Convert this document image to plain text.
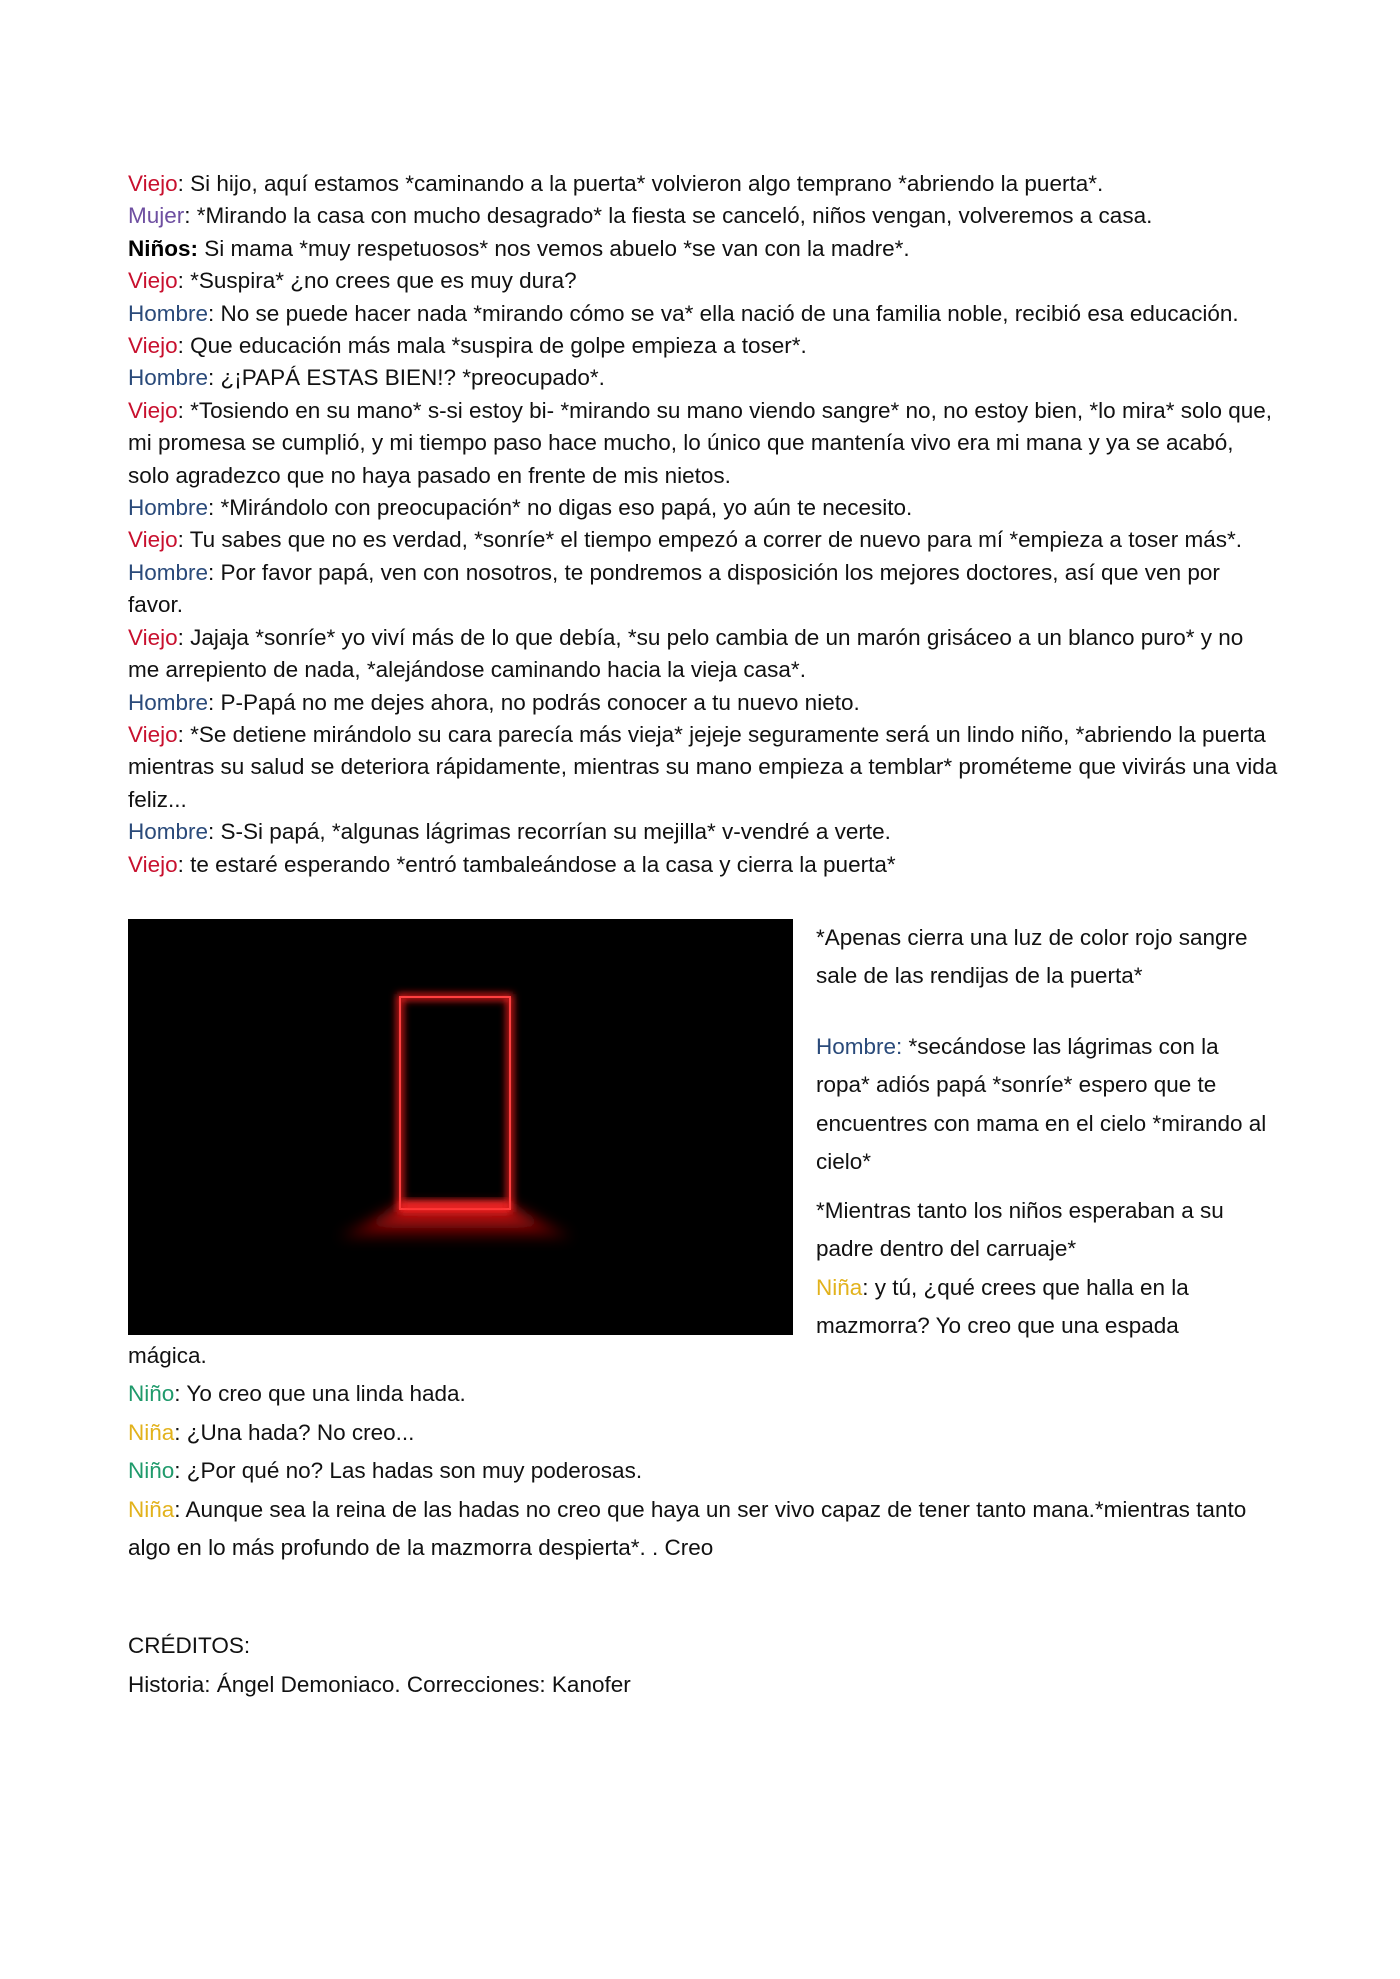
Viejo: Si hijo, aquí estamos *caminando a la puerta* volvieron algo temprano *abriendo la puerta*.

Mujer: *Mirando la casa con mucho desagrado* la fiesta se canceló, niños vengan, volveremos a casa.

Niños: Si mama *muy respetuosos* nos vemos abuelo *se van con la madre*.

Viejo: *Suspira* ¿no crees que es muy dura?

Hombre: No se puede hacer nada *mirando cómo se va* ella nació de una familia noble, recibió esa educación.

Viejo: Que educación más mala *suspira de golpe empieza a toser*.

Hombre: ¿¡PAPÁ ESTAS BIEN!? *preocupado*.

Viejo: *Tosiendo en su mano* s-si estoy bi- *mirando su mano viendo sangre* no, no estoy bien, *lo mira* solo que, mi promesa se cumplió, y mi tiempo paso hace mucho, lo único que mantenía vivo era mi mana y ya se acabó, solo agradezco que no haya pasado en frente de mis nietos.

Hombre: *Mirándolo con preocupación* no digas eso papá, yo aún te necesito.

Viejo: Tu sabes que no es verdad, *sonríe* el tiempo empezó a correr de nuevo para mí *empieza a toser más*.

Hombre: Por favor papá, ven con nosotros, te pondremos a disposición los mejores doctores, así que ven por favor.

Viejo: Jajaja *sonríe* yo viví más de lo que debía, *su pelo cambia de un marón grisáceo a un blanco puro* y no me arrepiento de nada, *alejándose caminando hacia la vieja casa*.

Hombre: P-Papá no me dejes ahora, no podrás conocer a tu nuevo nieto.

Viejo: *Se detiene mirándolo su cara parecía más vieja* jejeje seguramente será un lindo niño, *abriendo la puerta mientras su salud se deteriora rápidamente, mientras su mano empieza a temblar* prométeme que vivirás una vida feliz...

Hombre: S-Si papá, *algunas lágrimas recorrían su mejilla* v-vendré a verte.

Viejo: te estaré esperando *entró tambaleándose a la casa y cierra la puerta*

*Apenas cierra una luz de color rojo sangre sale de las rendijas de la puerta*

Hombre: *secándose las lágrimas con la ropa* adiós papá *sonríe* espero que te encuentres con mama en el cielo *mirando al cielo*

*Mientras tanto los niños esperaban a su padre dentro del carruaje*

Niña: y tú, ¿qué crees que halla en la mazmorra? Yo creo que una espada

mágica.

Niño: Yo creo que una linda hada.

Niña: ¿Una hada? No creo...

Niño: ¿Por qué no? Las hadas son muy poderosas.

Niña: Aunque sea la reina de las hadas no creo que haya un ser vivo capaz de tener tanto mana.*mientras tanto algo en lo más profundo de la mazmorra despierta*. . Creo

CRÉDITOS:

Historia: Ángel Demoniaco. Correcciones: Kanofer
